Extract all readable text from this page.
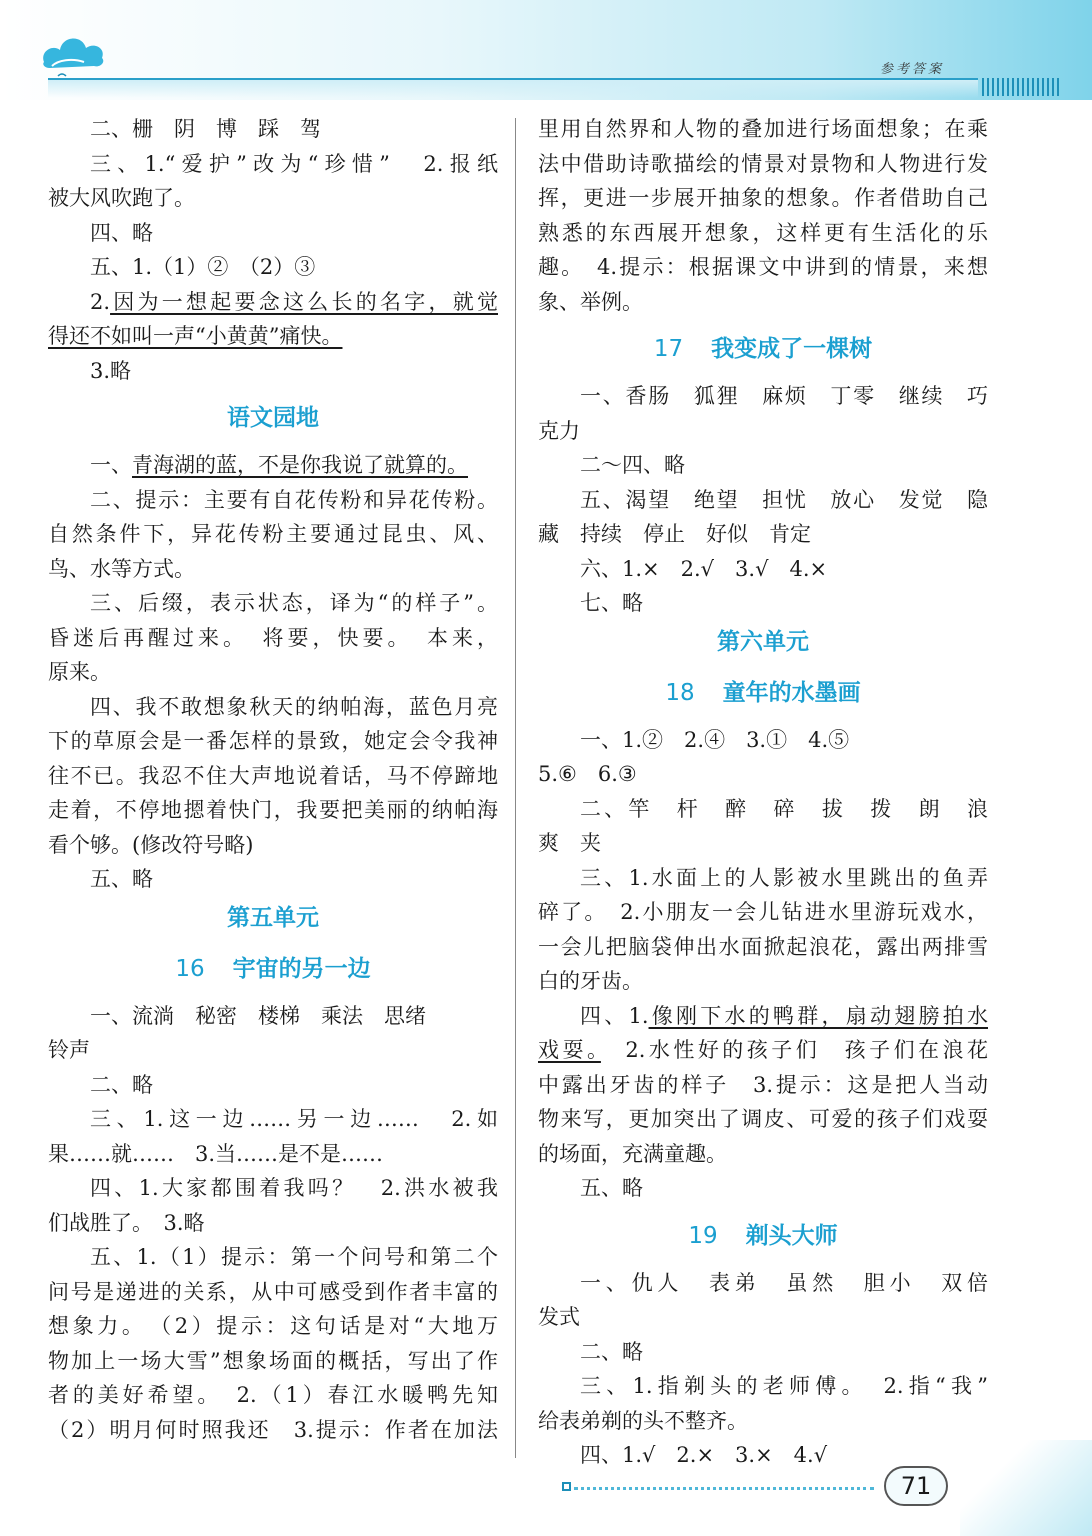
参考答案

二、栅　阴　博　踩　驾

三、1.“爱护”改为“珍惜”　2.报纸

被大风吹跑了。

四、略

五、1.（1）②　（2）③

2.因为一想起要念这么长的名字，就觉

得还不如叫一声“小黄黄”痛快。

3.略

语文园地

一、青海湖的蓝，不是你我说了就算的。

二、提示：主要有自花传粉和异花传粉。

自然条件下，异花传粉主要通过昆虫、风、

鸟、水等方式。

三、后缀，表示状态，译为“的样子”。

昏迷后再醒过来。　将要，快要。　本来，

原来。

四、我不敢想象秋天的纳帕海，蓝色月亮

下的草原会是一番怎样的景致，她定会令我神

往不已。我忍不住大声地说着话，马不停蹄地

走着，不停地摁着快门，我要把美丽的纳帕海

看个够。(修改符号略)

五、略

第五单元

16 宇宙的另一边

一、流淌　秘密　楼梯　乘法　思绪

铃声

二、略

三、1.这一边……另一边……　2.如

果……就……　3.当……是不是……

四、1.大家都围着我吗？　2.洪水被我

们战胜了。　3.略

五、1.（1）提示：第一个问号和第二个

问号是递进的关系，从中可感受到作者丰富的

想象力。　（2）提示：这句话是对“大地万

物加上一场大雪”想象场面的概括，写出了作

者的美好希望。　2.（1）春江水暖鸭先知

（2）明月何时照我还　3.提示：作者在加法

里用自然界和人物的叠加进行场面想象；在乘

法中借助诗歌描绘的情景对景物和人物进行发

挥，更进一步展开抽象的想象。作者借助自己

熟悉的东西展开想象，这样更有生活化的乐

趣。　4.提示：根据课文中讲到的情景，来想

象、举例。

17 我变成了一棵树

一、香肠　狐狸　麻烦　丁零　继续　巧

克力

二～四、略

五、渴望　绝望　担忧　放心　发觉　隐

藏　持续　停止　好似　肯定

六、1.×　2.√　3.√　4.×

七、略

第六单元

18 童年的水墨画

一、1.②　2.④　3.①　4.⑤

5.⑥　6.③

二、竿　杆　醉　碎　拔　拨　朗　浪

爽　夹

三、1.水面上的人影被水里跳出的鱼弄

碎了。　2.小朋友一会儿钻进水里游玩戏水，

一会儿把脑袋伸出水面掀起浪花，露出两排雪

白的牙齿。

四、1.像刚下水的鸭群，扇动翅膀拍水

戏耍。　2.水性好的孩子们　孩子们在浪花

中露出牙齿的样子　3.提示：这是把人当动

物来写，更加突出了调皮、可爱的孩子们戏耍

的场面，充满童趣。

五、略

19 剃头大师

一、仇人　表弟　虽然　胆小　双倍

发式

二、略

三、1.指剃头的老师傅。　2.指“我”

给表弟剃的头不整齐。

四、1.√　2.×　3.×　4.√

71
